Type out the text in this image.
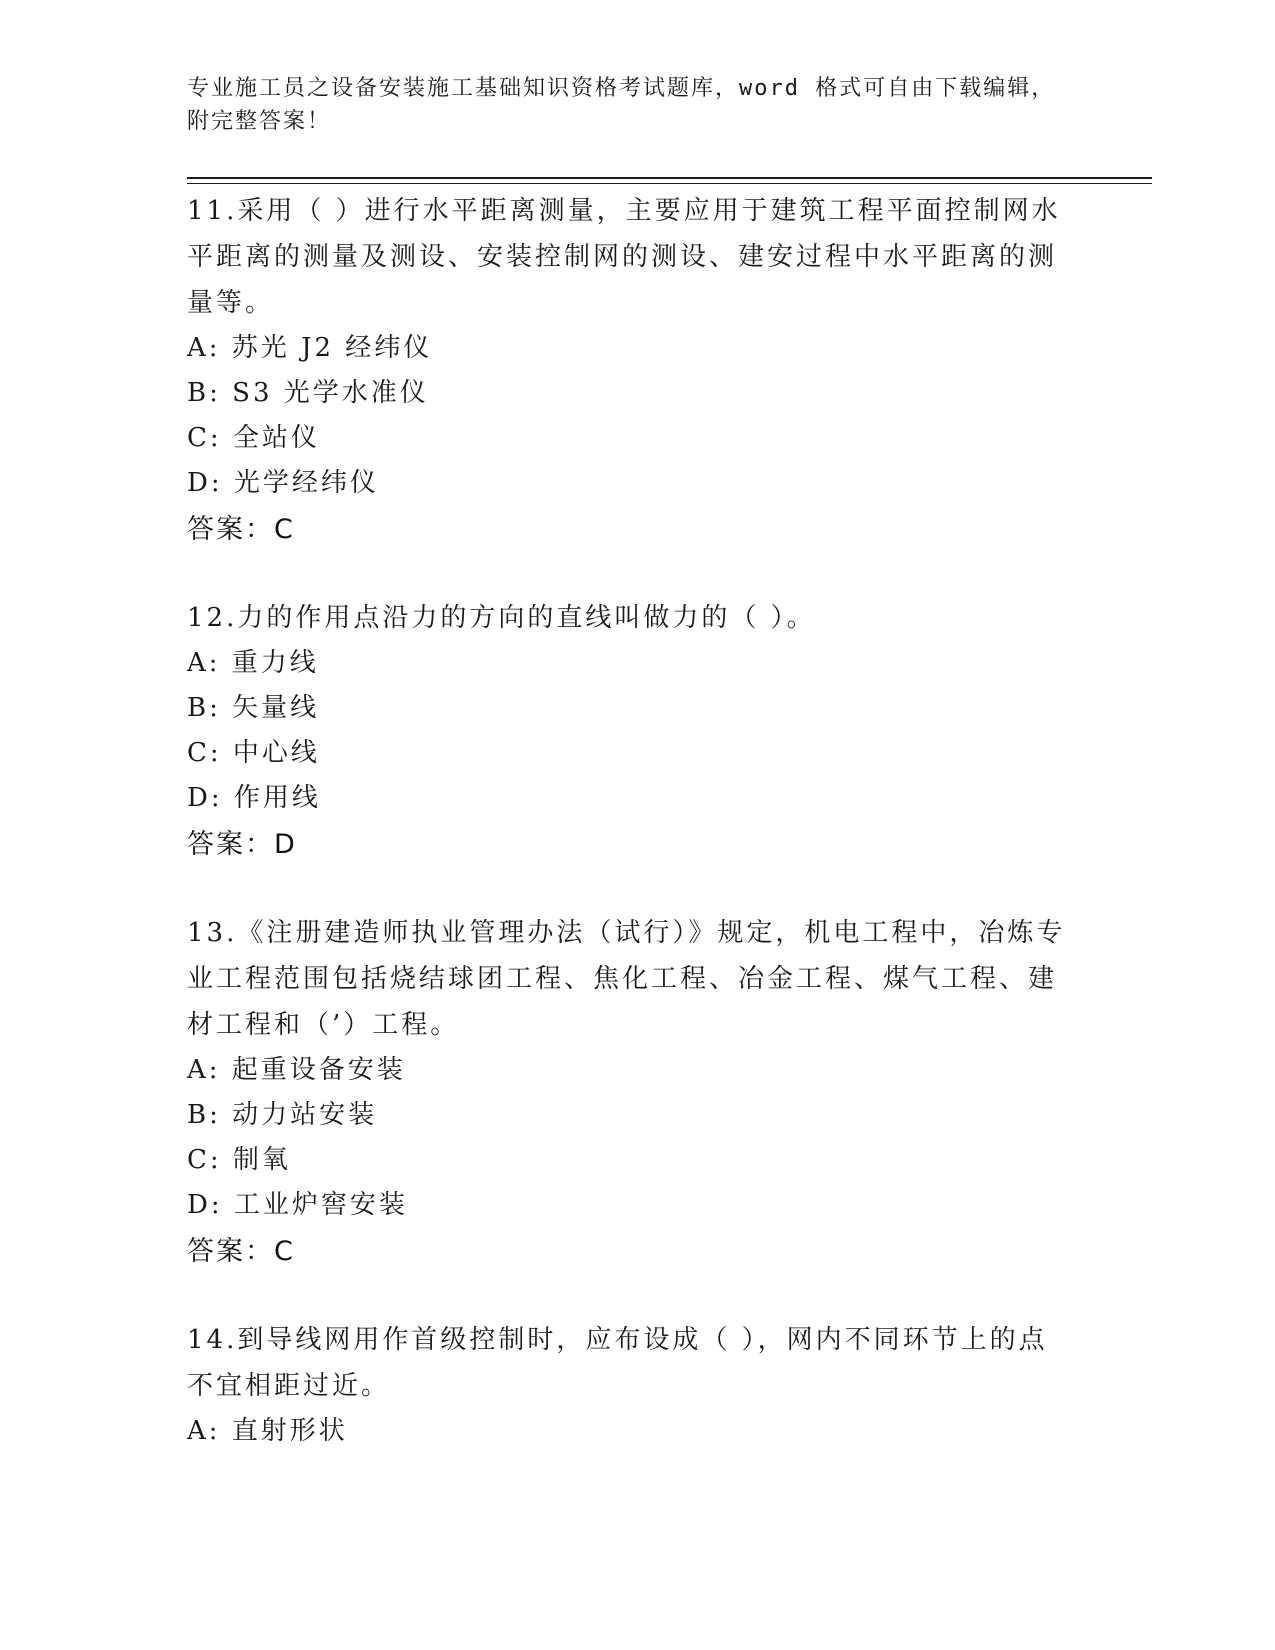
专业施工员之设备安装施工基础知识资格考试题库，word 格式可自由下载编辑，
附完整答案！

11.采用（ ）进行水平距离测量，主要应用于建筑工程平面控制网水

平距离的测量及测设、安装控制网的测设、建安过程中水平距离的测

量等。

A: 苏光 J2 经纬仪

B: S3 光学水准仪

C: 全站仪

D: 光学经纬仪

答案：C

12.力的作用点沿力的方向的直线叫做力的（ ）。

A: 重力线

B: 矢量线

C: 中心线

D: 作用线

答案：D

13.《注册建造师执业管理办法（试行）》规定，机电工程中，冶炼专

业工程范围包括烧结球团工程、焦化工程、冶金工程、煤气工程、建

材工程和（’）工程。

A: 起重设备安装

B: 动力站安装

C: 制氧

D: 工业炉窖安装

答案：C

14.到导线网用作首级控制时，应布设成（ ），网内不同环节上的点

不宜相距过近。

A: 直射形状
